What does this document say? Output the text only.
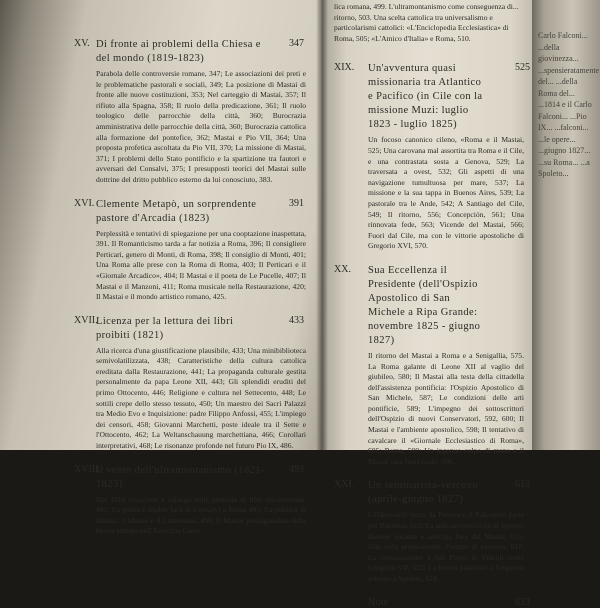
XV. Di fronte ai problemi della Chiesa e del mondo (1819-1823)
347
Parabola delle controversie romane, 347; Le associazioni dei preti e le problematiche pastorali e sociali, 349; La posizione di Mastai di fronte alle nuove costituzioni, 353; Nel carteggio di Mastai, 357; Il rifiuto alla Spagna, 358; Il ruolo della predicazione, 361; Il ruolo teologico delle parrocchie della città, 360; Burocrazia amministrativa delle parrocchie della città, 360; Burocrazia cattolica alla formazione del pontefice, 362; Mastai e Pio VII, 364; Una proposta profetica ascoltata da Pio VII, 370; La missione di Mastai, 371; I problemi dello Stato pontificio e la spartizione tra fautori e avversari del Consalvi, 375; I presupposti teorici del Mastai sulle dottrine del dritto pubblico esterno da lui conosciuto, 383.
XVI. Clemente Metapò, un sorprendente pastore d'Arcadia (1823)
391
Perplessità e tentativi di spiegazione per una cooptazione inaspettata, 391. Il Romanticismo tarda a far notizia a Roma, 396; Il consigliere Perticari, genero di Monti, di Roma, 398; Il consiglio di Monti, 401; Una Roma alle prese con la Roma di Roma, 403; Il Perticari e il «Giornale Arcadico», 404; Il Mastai e il poeta de Le Pucelle, 407; Il Mastai e il Manzoni, 411; Roma musicale nella Restaurazione, 420; Il Mastai e il mondo artistico romano, 425.
XVII.
Licenza per la lettura dei libri proibiti (1821)
433
Alla ricerca d'una giustificazione plausibile, 433; Una minibiblioteca semivolatilizzata, 438; Caratteristiche della cultura cattolica ereditata dalla Restaurazione, 441; La propaganda culturale gestita personalmente da papa Leone XII, 443; Gli splendidi eruditi del primo Ottocento, 446; Religione e cultura nel Settecento, 448; Le sottili crepe dello stesso tessuto, 450; Un maestro dei Sacri Palazzi tra Medio Evo e Inquisizione: padre Filippo Anfossi, 455; L'impiego dei censori, 458; Giovanni Marchetti, poste ideale tra il Sette e l'Ottocento, 462; La Weltanschauung marchettiana, 466; Corollari interpretativi, 468; Le risonanze profonde nel futuro Pio IX, 486.
XVIII.
Il vento dell'ultramontanismo (1821-1823)
493
Dal 1818 invasione a valanga nella penisola di libri ultramontani, 493; La politica double face di Consalvi a Roma 495; La politica di Mastai: il Mastai e il Lamennais, 496; Il Mastai propagandista della buona stampa nell'Amicizia Catto-
lica romana, 499. L'ultramontanismo come conseguenza di... ritorno, 503. Una scelta cattolica tra universalismo e particolarismi cattolici: «L'Enciclopedia Ecclesiastica» di Roma, 505; «L'Amico d'Italia» e Roma, 510.
XIX. Un'avventura quasi missionaria tra Atlantico e Pacifico (in Cile con la missione Muzi: luglio 1823 - luglio 1825)
525
Un focoso canonico cileno, «Roma e il Mastai, 525; Una carovana mal assortita tra Roma e il Cile, e una contrastata sosta a Genova, 529; La traversata a ovest, 532; Gli aspetti di una navigazione tumultuosa per mare, 537; La missione e la sua tappa in Buenos Aires, 539; La pastorale tra le Ande, 542; A Santiago del Cile, 549; Il ritorno, 556; Concepción, 561; Una rinnovata fede, 563; Vicende del Mastai, 566; Fuori dal Cile, ma con le vittorie apostoliche di Gregorio XVI, 570.
XX. Sua Eccellenza il Presidente (dell'Ospizio Apostolico di San Michele a Ripa Grande: novembre 1825 - giugno 1827)
Il ritorno del Mastai a Roma e a Senigallia, 575. La Roma galante di Leone XII al vaglio del giubileo, 580; Il Mastai alla testa della cittadella dell'assistenza pontificia: l'Ospizio Apostolico di San Michele, 587; Le condizioni delle arti pontificie, 589; L'impegno dei sottoscrittori dell'Ospizio di nuovi Conservatori, 592, 600; Il Mastai e l'ambiente apostolico, 598; Il tentativo di cavalcare il «Giornale Ecclesiastico di Roma», 605; Roma, 599; Un ingenuo colpo di mano e il Mastai sarà fuori ruolo, 606.
XXI. Un seminarista-vescovo (aprile-giugno 1827)
613
L'Odescalchi torna da Ferrara e il Falconieri parte per Ravenna, 613; La sede arcivescovile di Spoleto diviene vacante e anticipa l'era del Mastai, 615; Una seria preparazione: l'esame di vescovo, 617; La consacrazione a San Pietro in Vincoli come Gregorio VII, 622; La lettera pastorale e l'ingresso solenne a Spoleto, 624.
Note	633
Carlo Falconi... ...della giovinezza... ...spensieratamente del... ...della Roma del... ...1814 e il Carlo Falconi... ...Pio IX... ...falconi... ...le opere... ...giugno 1827... ...su Roma... ...a Spoleto...
